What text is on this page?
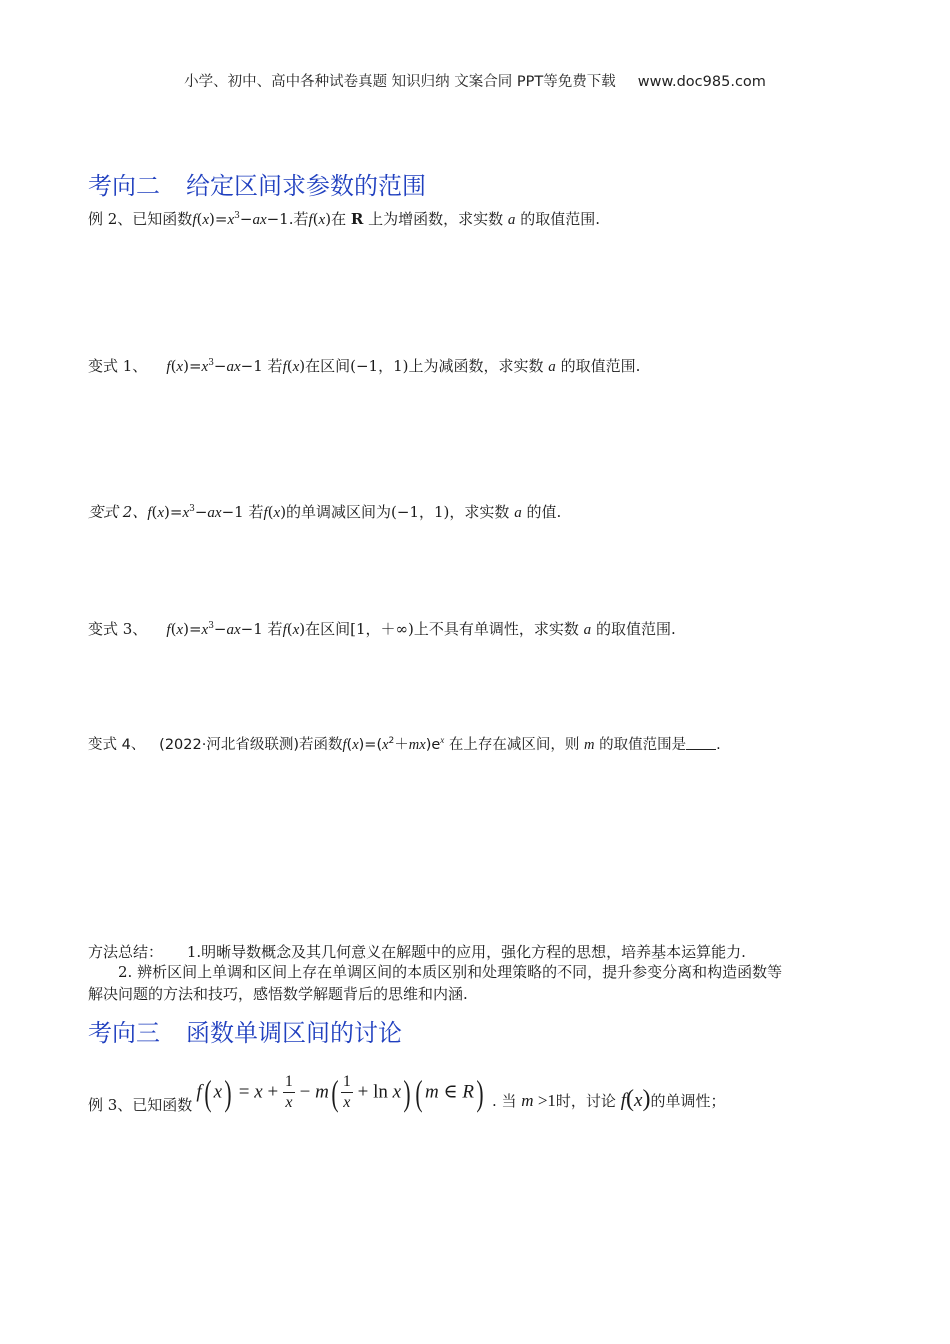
小学、初中、高中各种试卷真题 知识归纳 文案合同 PPT等免费下载 www.doc985.com
考向二 给定区间求参数的范围
例 2、已知函数$f(x)=x^3-ax-1$.若f(x)在 R 上为增函数，求实数 a 的取值范围.
变式 1、 $f(x)=x^3-ax-1$ 若f(x)在区间(−1，1)上为减函数，求实数 a 的取值范围.
变式 2、$f(x)=x^3-ax-1$ 若f(x)的单调减区间为(−1，1)，求实数 a 的值.
变式 3、 $f(x)=x^3-ax-1$ 若f(x)在区间[1，＋∞)上不具有单调性，求实数 a 的取值范围.
变式 4、 (2022·河北省级联测)若函数$f(x)=(x^2+mx)e^x$ 在上存在减区间，则 m 的取值范围是 .
方法总结： 1.明晰导数概念及其几何意义在解题中的应用，强化方程的思想，培养基本运算能力.
2. 辨析区间上单调和区间上存在单调区间的本质区别和处理策略的不同，提升参变分离和构造函数等
解决问题的方法和技巧，感悟数学解题背后的思维和内涵.
考向三 函数单调区间的讨论
例 3、已知函数
f( $x) = x + \frac{1}{x} - m( \frac{1}{x} + \ln x)$ ( m ∈ R) . 当 m >1时，讨论 f(x)的单调性；
